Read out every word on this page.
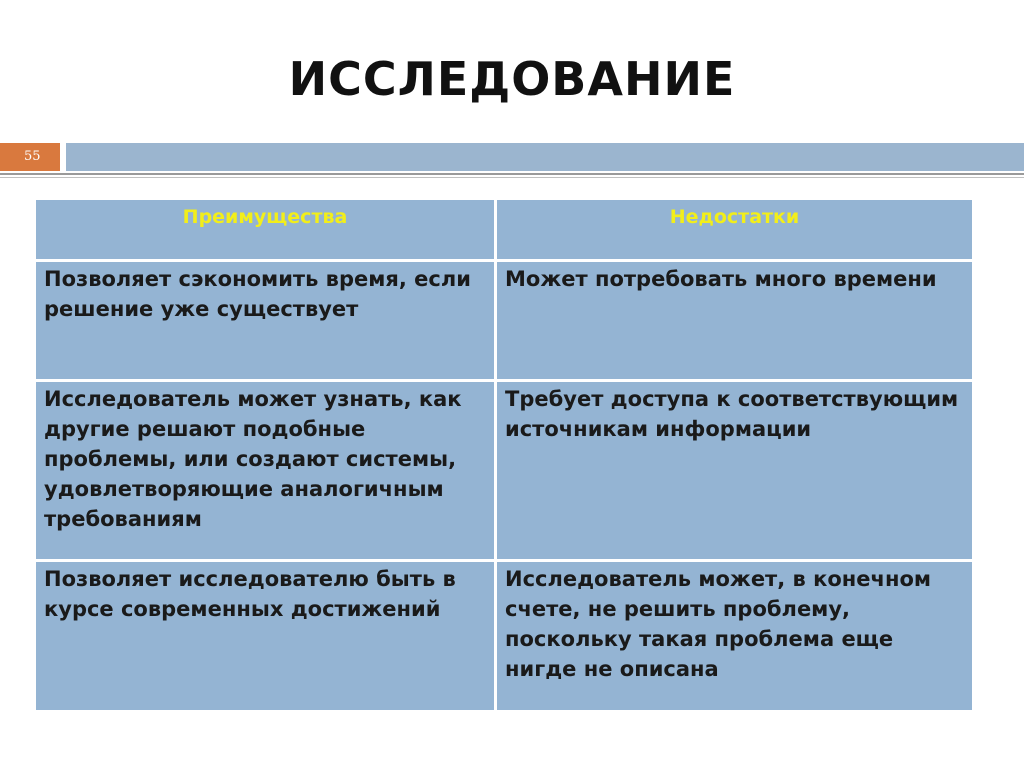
ИССЛЕДОВАНИЕ
55
Преимущества	Недостатки
Позволяет сэкономить время, если решение уже существует	Может потребовать много времени
Исследователь может узнать, как другие решают подобные проблемы, или создают системы, удовлетворяющие аналогичным требованиям	Требует доступа к соответствующим источникам информации
Позволяет исследователю быть в курсе современных достижений	Исследователь может, в конечном счете, не решить проблему, поскольку такая проблема еще нигде не описана
